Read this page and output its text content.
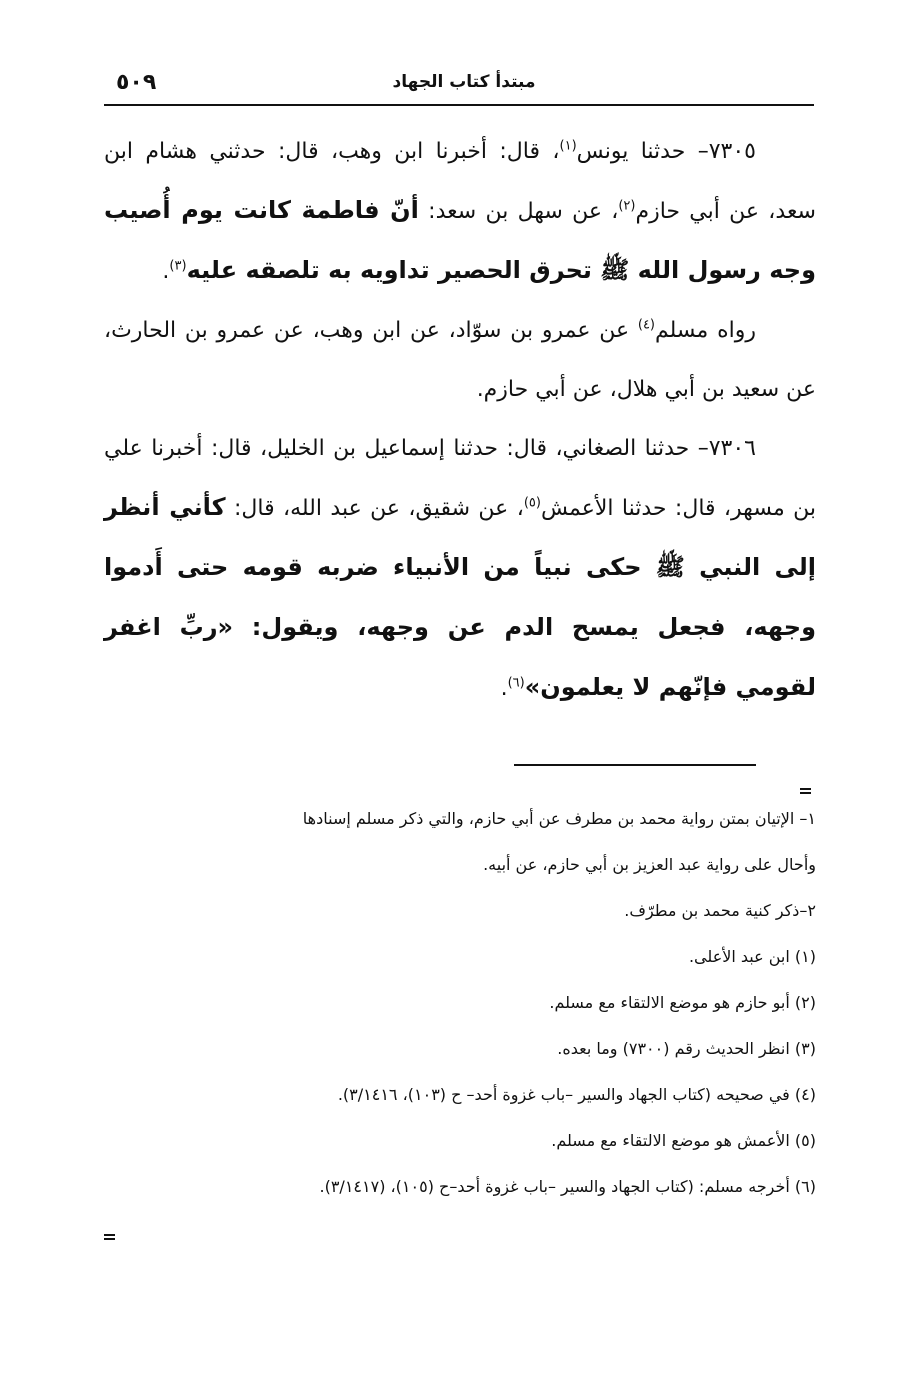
٥٠٩	مبتدأ كتاب الجهاد

٧٣٠٥– حدثنا يونس$^{(١)}$، قال: أخبرنا ابن وهب، قال: حدثني هشام ابن سعد، عن أبي حازم$^{(٢)}$، عن سهل بن سعد: أنّ فاطمة كانت يوم أُصيب وجه رسول الله ﷺ تحرق الحصير تداويه به تلصقه عليه$^{(٣)}$.

رواه مسلم$^{(٤)}$ عن عمرو بن سوّاد، عن ابن وهب، عن عمرو بن الحارث، عن سعيد بن أبي هلال، عن أبي حازم.

٧٣٠٦– حدثنا الصغاني، قال: حدثنا إسماعيل بن الخليل، قال: أخبرنا علي بن مسهر، قال: حدثنا الأعمش$^{(٥)}$، عن شقيق، عن عبد الله، قال: كأني أنظر إلى النبي ﷺ حكى نبياً من الأنبياء ضربه قومه حتى أَدموا وجهه، فجعل يمسح الدم عن وجهه، ويقول: «ربِّ اغفر لقومي فإنّهم لا يعلمون»$^{(٦)}$.

١– الإتيان بمتن رواية محمد بن مطرف عن أبي حازم، والتي ذكر مسلم إسنادها
وأحال على رواية عبد العزيز بن أبي حازم، عن أبيه.
٢–ذكر كنية محمد بن مطرّف.
(١) ابن عبد الأعلى.
(٢) أبو حازم هو موضع الالتقاء مع مسلم.
(٣) انظر الحديث رقم (٧٣٠٠) وما بعده.
(٤) في صحيحه (كتاب الجهاد والسير –باب غزوة أحد– ح (١٠٣)، ٣/١٤١٦).
(٥) الأعمش هو موضع الالتقاء مع مسلم.
(٦) أخرجه مسلم: (كتاب الجهاد والسير –باب غزوة أحد–ح (١٠٥)، (٣/١٤١٧).
